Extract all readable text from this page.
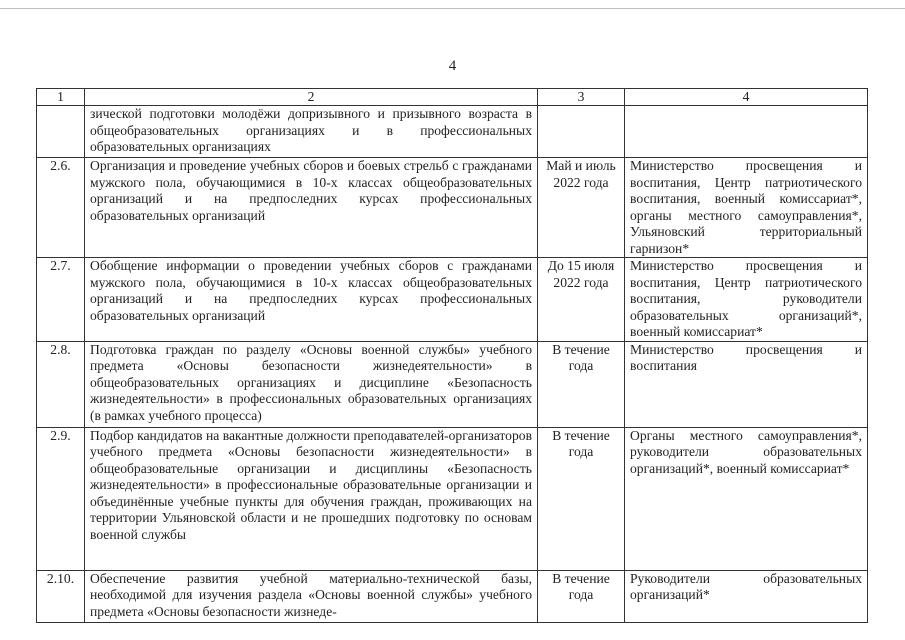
4
1	2	3	4
	зической подготовки молодёжи допризывного и призывного возраста в общеобразовательных организациях и в профессиональных образовательных организациях		
2.6.	Организация и проведение учебных сборов и боевых стрельб с гражданами мужского пола, обучающимися в 10-х классах общеобразовательных организаций и на предпоследних курсах профессиональных образовательных организаций	Май и июль 2022 года	Министерство просвещения и воспитания, Центр патриотического воспитания, военный комиссариат*, органы местного самоуправления*, Ульяновский территориальный гарнизон*
2.7.	Обобщение информации о проведении учебных сборов с гражданами мужского пола, обучающимися в 10-х классах общеобразовательных организаций и на предпоследних курсах профессиональных образовательных организаций	До 15 июля 2022 года	Министерство просвещения и воспитания, Центр патриотического воспитания, руководители образовательных организаций*, военный комиссариат*
2.8.	Подготовка граждан по разделу «Основы военной службы» учебного предмета «Основы безопасности жизнедеятельности» в общеобразовательных организациях и дисциплине «Безопасность жизнедеятельности» в профессиональных образовательных организациях (в рамках учебного процесса)	В течение года	Министерство просвещения и воспитания
2.9.	Подбор кандидатов на вакантные должности преподавателей-организаторов учебного предмета «Основы безопасности жизнедеятельности» в общеобразовательные организации и дисциплины «Безопасность жизнедеятельности» в профессиональные образовательные организации и объединённые учебные пункты для обучения граждан, проживающих на территории Ульяновской области и не прошедших подготовку по основам военной службы	В течение года	Органы местного самоуправления*, руководители образовательных организаций*, военный комиссариат*
2.10.	Обеспечение развития учебной материально-технической базы, необходимой для изучения раздела «Основы военной службы» учебного предмета «Основы безопасности жизнеде-	В течение года	Руководители образовательных организаций*
